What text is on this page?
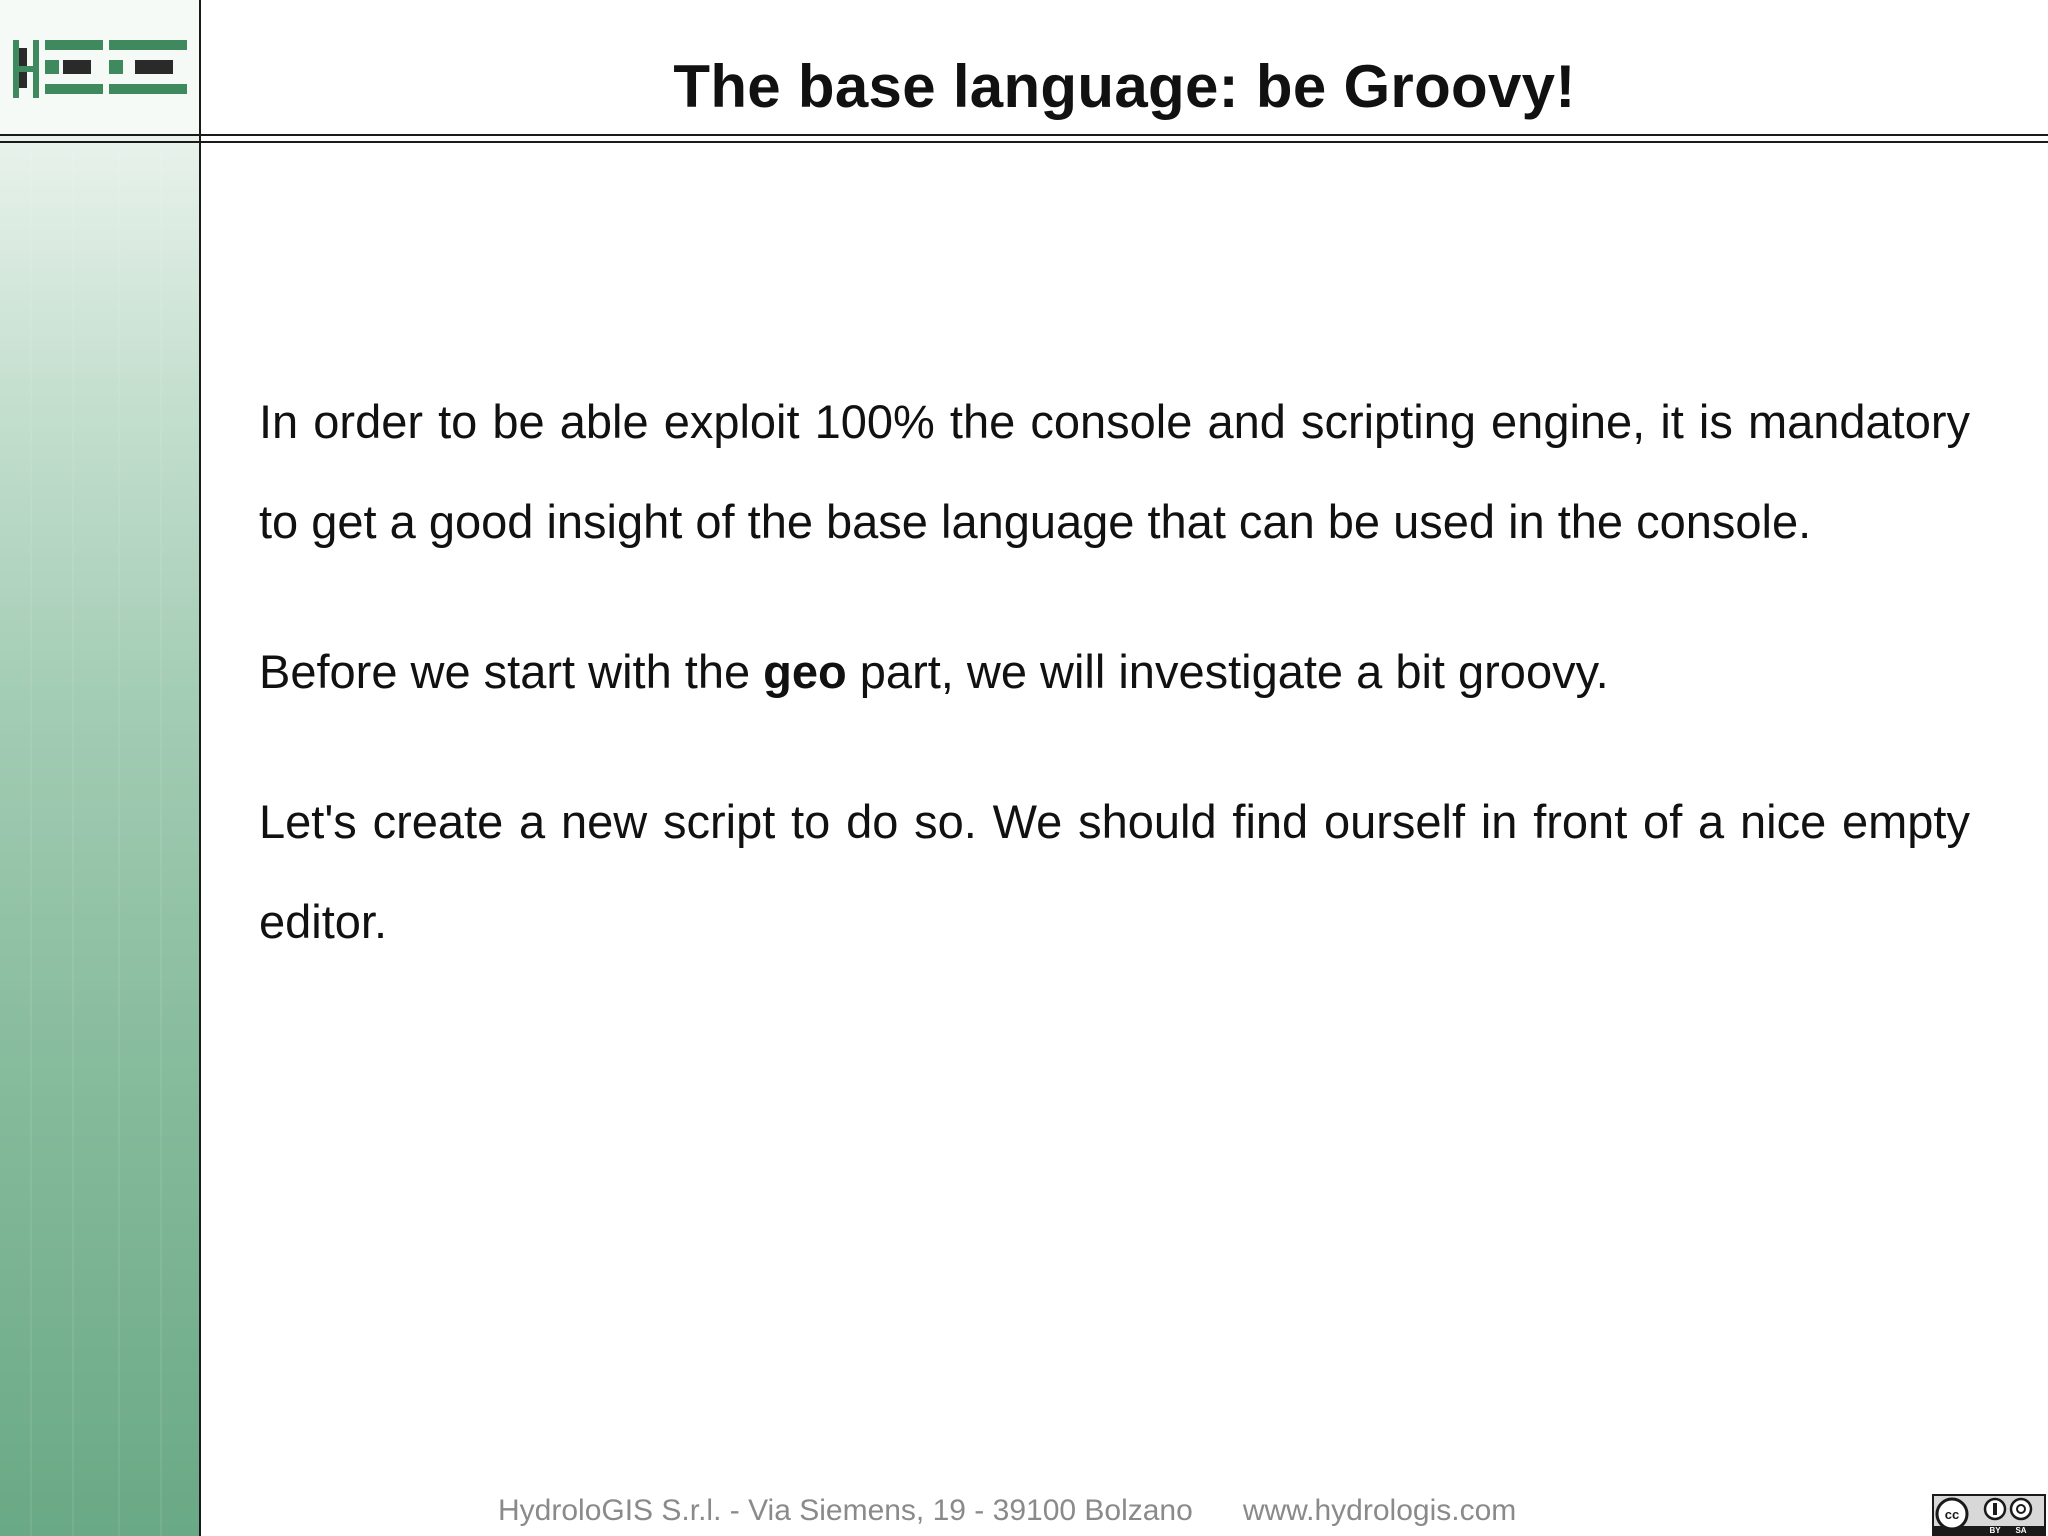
The base language: be Groovy!

In order to be able exploit 100% the console and scripting engine, it is mandatory to get a good insight of the base language that can be used in the console.

Before we start with the geo part, we will investigate a bit groovy.

Let's create a new script to do so. We should find ourself in front of a nice empty editor.

HydroloGIS S.r.l. - Via Siemens, 19 - 39100 Bolzano www.hydrologis.com	cc
BY SA
